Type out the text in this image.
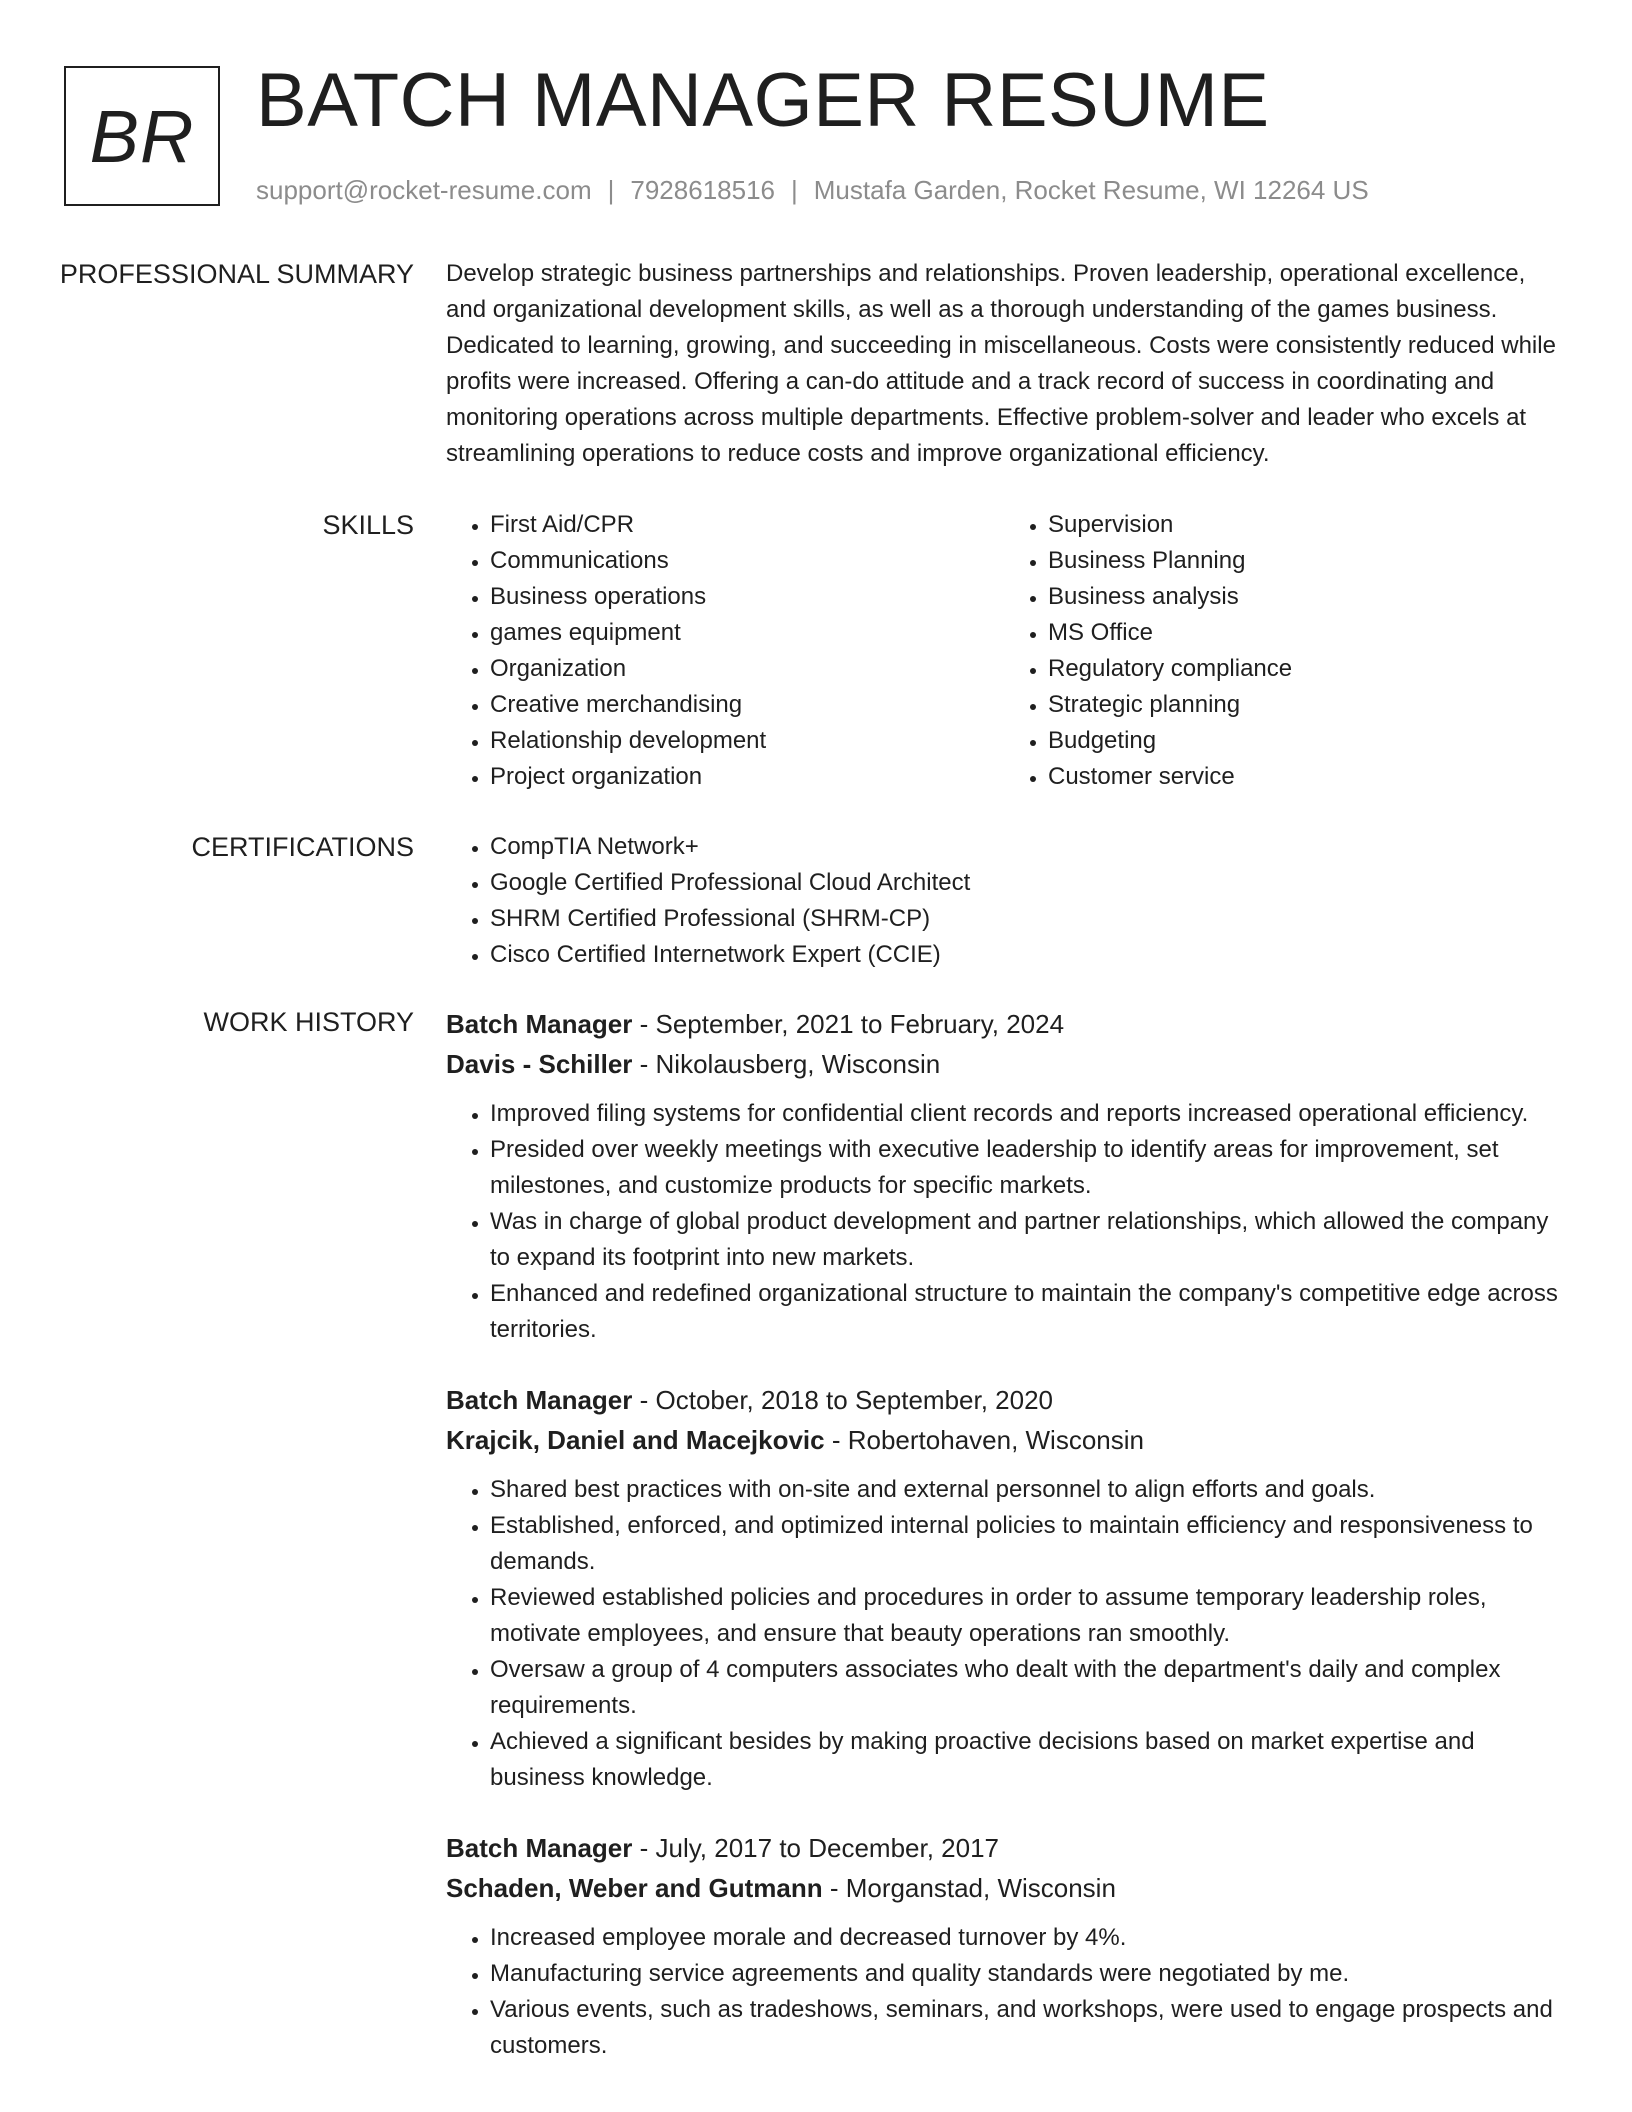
BR BATCH MANAGER RESUME
support@rocket-resume.com | 7928618516 | Mustafa Garden, Rocket Resume, WI 12264 US
PROFESSIONAL SUMMARY Develop strategic business partnerships and relationships. Proven leadership, operational excellence, and organizational development skills, as well as a thorough understanding of the games business. Dedicated to learning, growing, and succeeding in miscellaneous. Costs were consistently reduced while profits were increased. Offering a can-do attitude and a track record of success in coordinating and monitoring operations across multiple departments. Effective problem-solver and leader who excels at streamlining operations to reduce costs and improve organizational efficiency.

SKILLS	• First Aid/CPR
• Communications
• Business operations
• games equipment
• Organization
• Creative merchandising
• Relationship development
• Project organization
• Supervision
• Business Planning
• Business analysis
• MS Office
• Regulatory compliance
• Strategic planning
• Budgeting
• Customer service
CERTIFICATIONS	• CompTIA Network+
• Google Certified Professional Cloud Architect
• SHRM Certified Professional (SHRM-CP)
• Cisco Certified Internetwork Expert (CCIE)
WORK HISTORY Batch Manager - September, 2021 to February, 2024
Davis - Schiller - Nikolausberg, Wisconsin
• Improved filing systems for confidential client records and reports increased operational efficiency.
• Presided over weekly meetings with executive leadership to identify areas for improvement, set milestones, and customize products for specific markets.
• Was in charge of global product development and partner relationships, which allowed the company to expand its footprint into new markets.
• Enhanced and redefined organizational structure to maintain the company's competitive edge across territories.
Batch Manager - October, 2018 to September, 2020
Krajcik, Daniel and Macejkovic - Robertohaven, Wisconsin
• Shared best practices with on-site and external personnel to align efforts and goals.
• Established, enforced, and optimized internal policies to maintain efficiency and responsiveness to demands.
• Reviewed established policies and procedures in order to assume temporary leadership roles, motivate employees, and ensure that beauty operations ran smoothly.
• Oversaw a group of 4 computers associates who dealt with the department's daily and complex requirements.
• Achieved a significant besides by making proactive decisions based on market expertise and business knowledge.
Batch Manager - July, 2017 to December, 2017
Schaden, Weber and Gutmann - Morganstad, Wisconsin
• Increased employee morale and decreased turnover by 4%.
• Manufacturing service agreements and quality standards were negotiated by me.
• Various events, such as tradeshows, seminars, and workshops, were used to engage prospects and customers.
